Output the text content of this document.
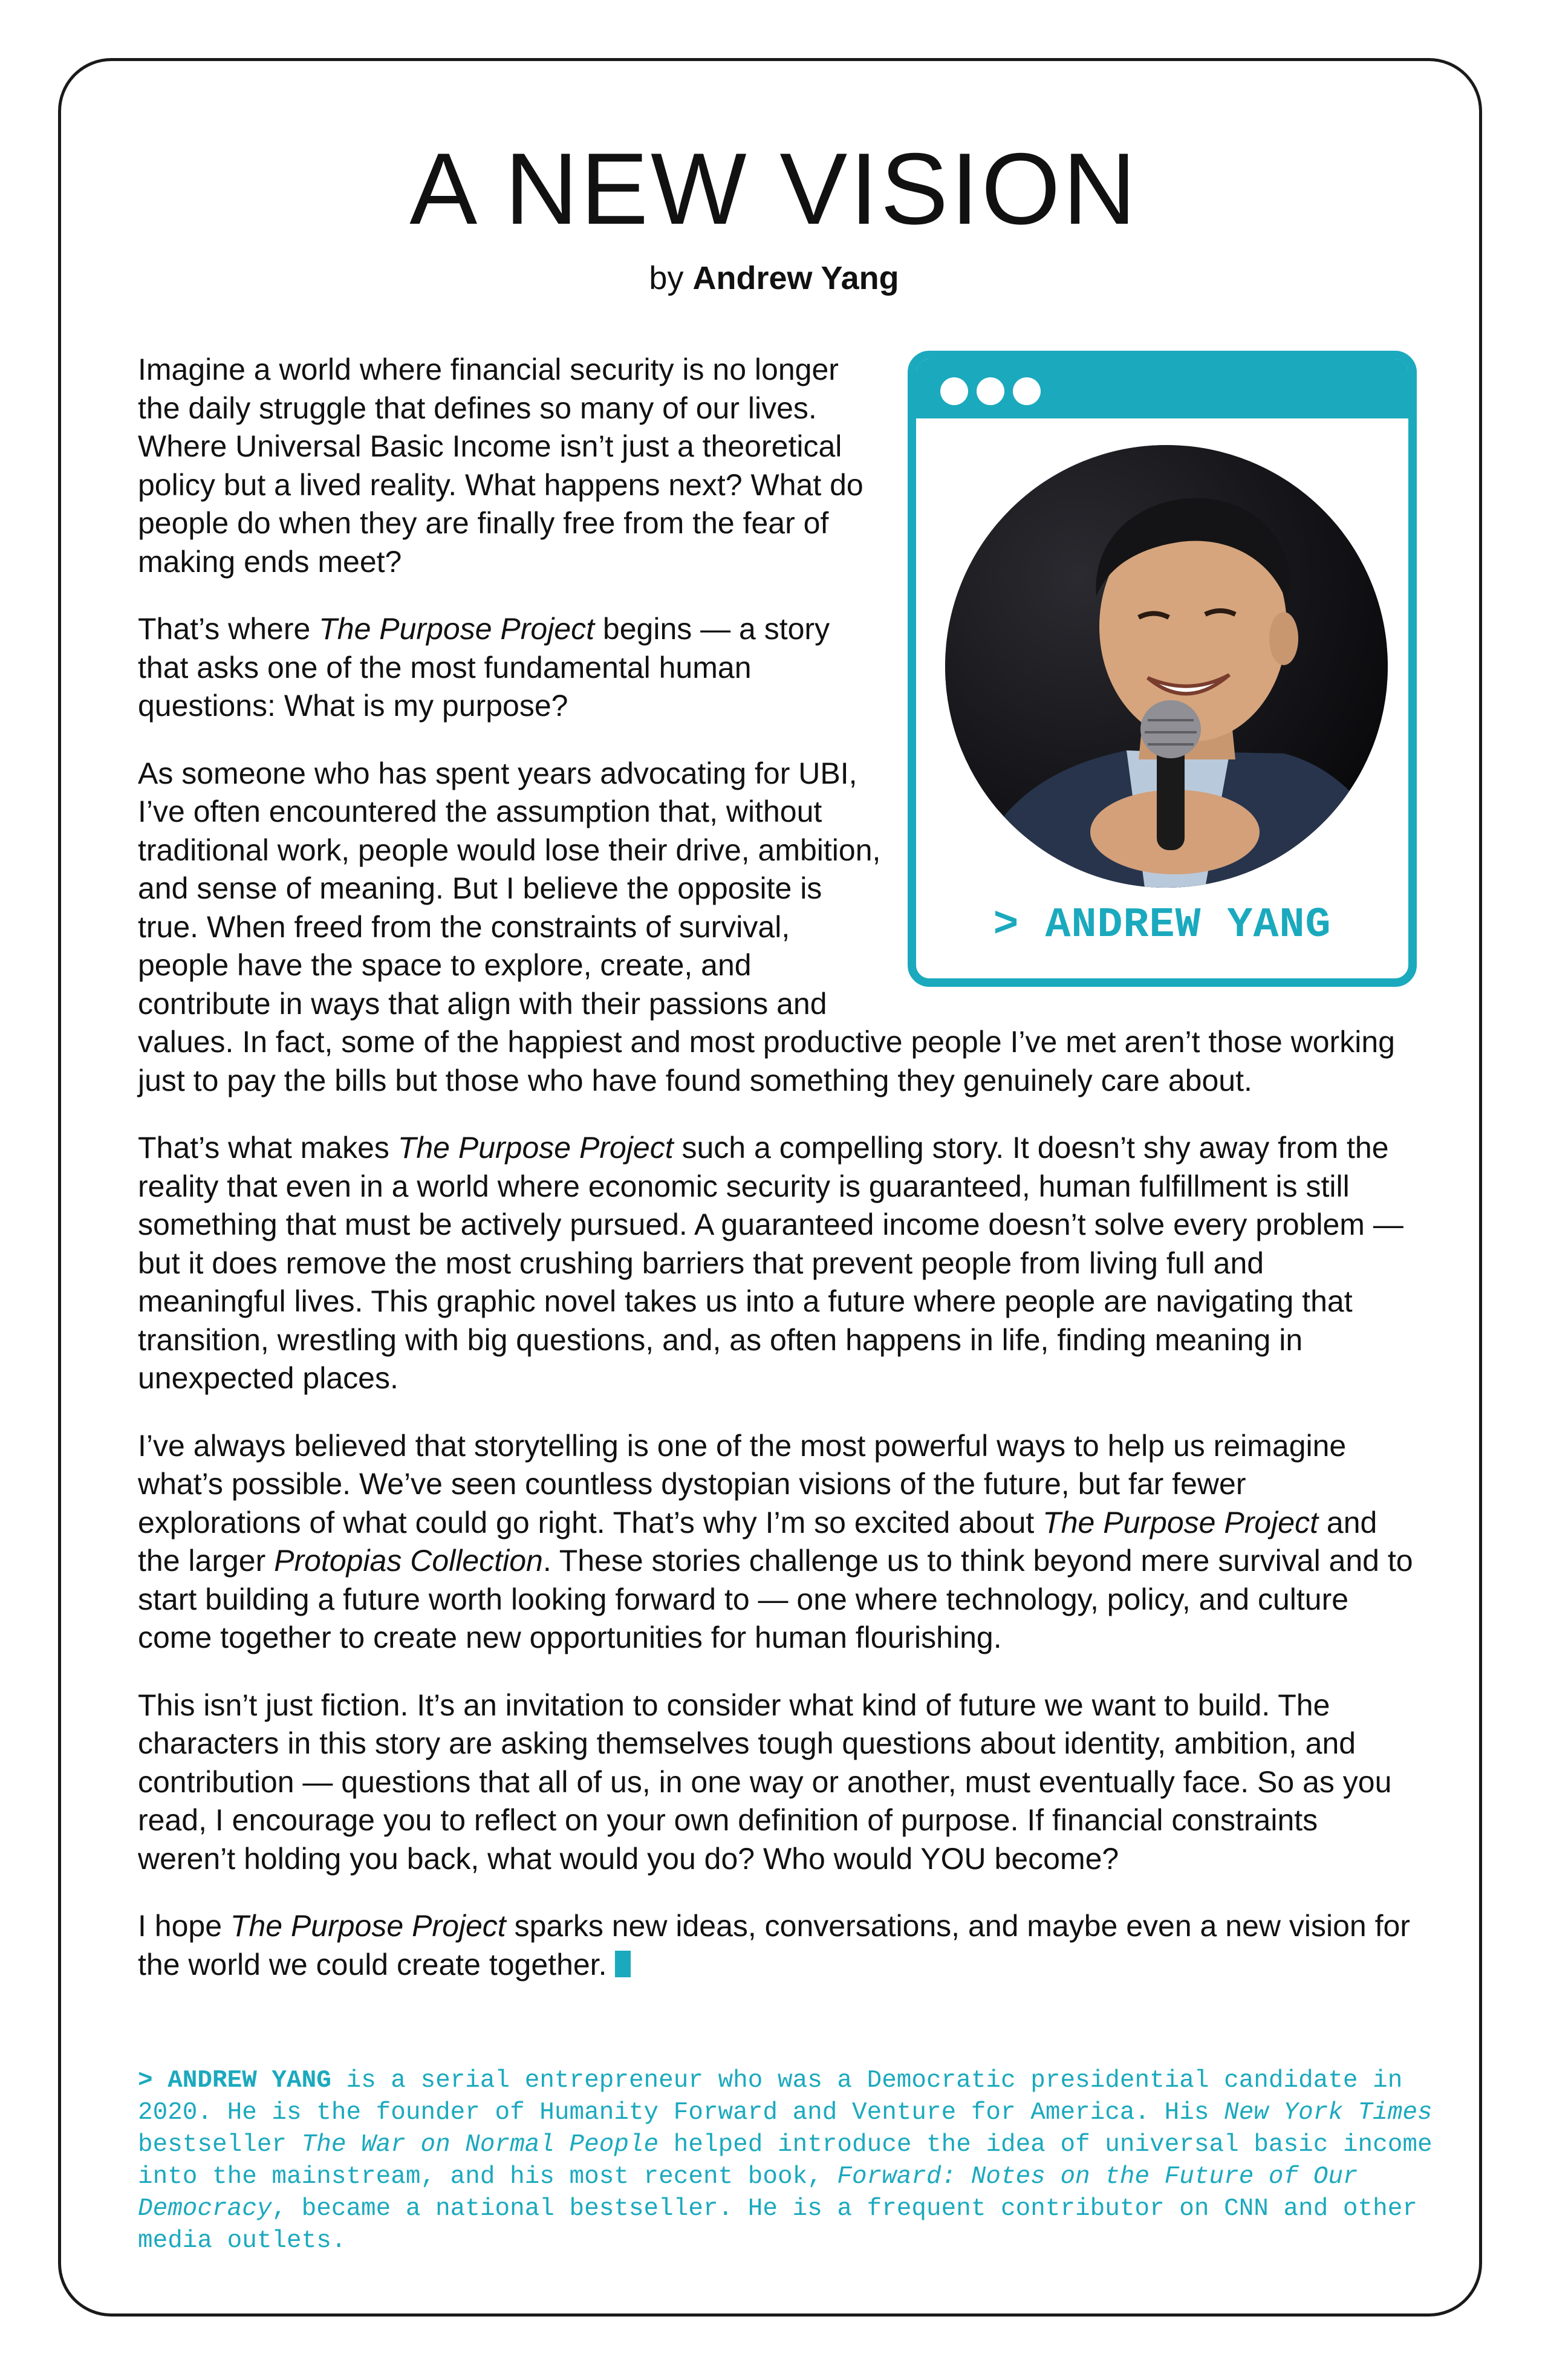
A NEW VISION

by Andrew Yang

> ANDREW YANG

Imagine a world where financial security is no longer the daily struggle that defines so many of our lives. Where Universal Basic Income isn’t just a theoretical policy but a lived reality. What happens next? What do people do when they are finally free from the fear of making ends meet?

That’s where The Purpose Project begins — a story that asks one of the most fundamental human questions: What is my purpose?

As someone who has spent years advocating for UBI, I’ve often encountered the assumption that, without traditional work, people would lose their drive, ambition, and sense of meaning. But I believe the opposite is true. When freed from the constraints of survival, people have the space to explore, create, and contribute in ways that align with their passions and values. In fact, some of the happiest and most productive people I’ve met aren’t those working just to pay the bills but those who have found something they genuinely care about.

That’s what makes The Purpose Project such a compelling story. It doesn’t shy away from the reality that even in a world where economic security is guaranteed, human fulfillment is still something that must be actively pursued. A guaranteed income doesn’t solve every problem — but it does remove the most crushing barriers that prevent people from living full and meaningful lives. This graphic novel takes us into a future where people are navigating that transition, wrestling with big questions, and, as often happens in life, finding meaning in unexpected places.

I’ve always believed that storytelling is one of the most powerful ways to help us reimagine what’s possible. We’ve seen countless dystopian visions of the future, but far fewer explorations of what could go right. That’s why I’m so excited about The Purpose Project and the larger Protopias Collection. These stories challenge us to think beyond mere survival and to start building a future worth looking forward to — one where technology, policy, and culture come together to create new opportunities for human flourishing.

This isn’t just fiction. It’s an invitation to consider what kind of future we want to build. The characters in this story are asking themselves tough questions about identity, ambition, and contribution — questions that all of us, in one way or another, must eventually face. So as you read, I encourage you to reflect on your own definition of purpose. If financial constraints weren’t holding you back, what would you do? Who would YOU become?

I hope The Purpose Project sparks new ideas, conversations, and maybe even a new vision for the world we could create together.

> ANDREW YANG is a serial entrepreneur who was a Democratic presidential candidate in 2020. He is the founder of Humanity Forward and Venture for America. His New York Times bestseller The War on Normal People helped introduce the idea of universal basic income into the mainstream, and his most recent book, Forward: Notes on the Future of Our Democracy, became a national bestseller. He is a frequent contributor on CNN and other media outlets.
